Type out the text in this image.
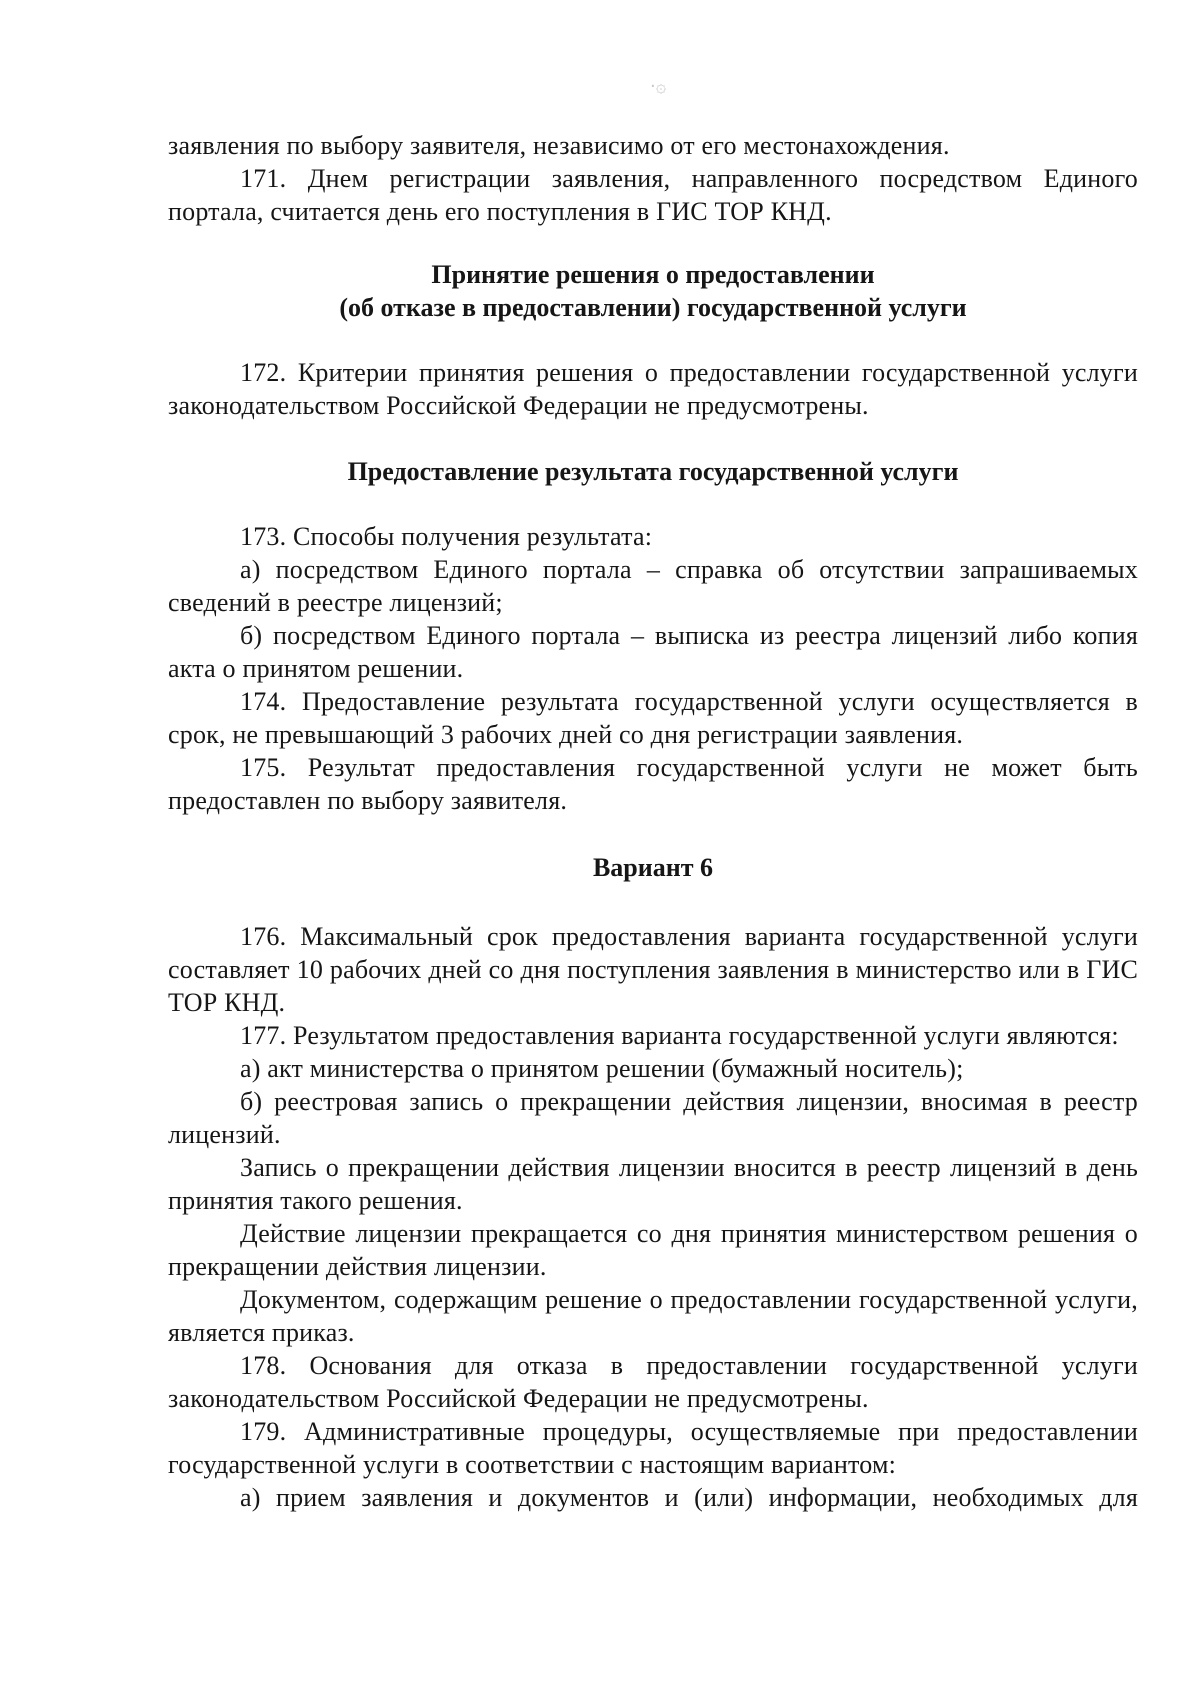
·۞

заявления по выбору заявителя, независимо от его местонахождения.

171. Днем регистрации заявления, направленного посредством Единого портала, считается день его поступления в ГИС ТОР КНД.

Принятие решения о предоставлении

(об отказе в предоставлении) государственной услуги

172. Критерии принятия решения о предоставлении государственной услуги законодательством Российской Федерации не предусмотрены.

Предоставление результата государственной услуги

173. Способы получения результата:

а) посредством Единого портала – справка об отсутствии запрашиваемых сведений в реестре лицензий;

б) посредством Единого портала – выписка из реестра лицензий либо копия акта о принятом решении.

174. Предоставление результата государственной услуги осуществляется в срок, не превышающий 3 рабочих дней со дня регистрации заявления.

175. Результат предоставления государственной услуги не может быть предоставлен по выбору заявителя.

Вариант 6

176. Максимальный срок предоставления варианта государственной услуги составляет 10 рабочих дней со дня поступления заявления в министерство или в ГИС ТОР КНД.

177. Результатом предоставления варианта государственной услуги являются:

а) акт министерства о принятом решении (бумажный носитель);

б) реестровая запись о прекращении действия лицензии, вносимая в реестр лицензий.

Запись о прекращении действия лицензии вносится в реестр лицензий в день принятия такого решения.

Действие лицензии прекращается со дня принятия министерством решения о прекращении действия лицензии.

Документом, содержащим решение о предоставлении государственной услуги, является приказ.

178. Основания для отказа в предоставлении государственной услуги законодательством Российской Федерации не предусмотрены.

179. Административные процедуры, осуществляемые при предоставлении государственной услуги в соответствии с настоящим вариантом:

а) прием заявления и документов и (или) информации, необходимых для
